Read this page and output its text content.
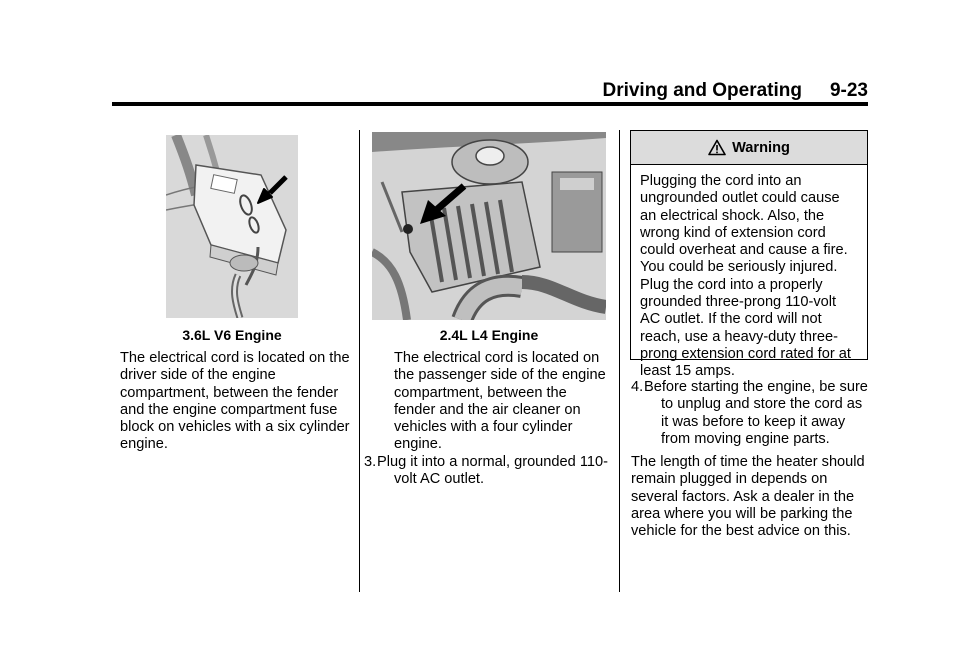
Driving and Operating	9-23
3.6L V6 Engine
The electrical cord is located on the driver side of the engine compartment, between the fender and the engine compartment fuse block on vehicles with a six cylinder engine.
2.4L L4 Engine
The electrical cord is located on the passenger side of the engine compartment, between the fender and the air cleaner on vehicles with a four cylinder engine.
3. Plug it into a normal, grounded 110-volt AC outlet.
Warning
Plugging the cord into an ungrounded outlet could cause an electrical shock. Also, the wrong kind of extension cord could overheat and cause a fire. You could be seriously injured. Plug the cord into a properly grounded three-prong 110-volt AC outlet. If the cord will not reach, use a heavy-duty three-prong extension cord rated for at least 15 amps.
4. Before starting the engine, be sure to unplug and store the cord as it was before to keep it away from moving engine parts.
The length of time the heater should remain plugged in depends on several factors. Ask a dealer in the area where you will be parking the vehicle for the best advice on this.
